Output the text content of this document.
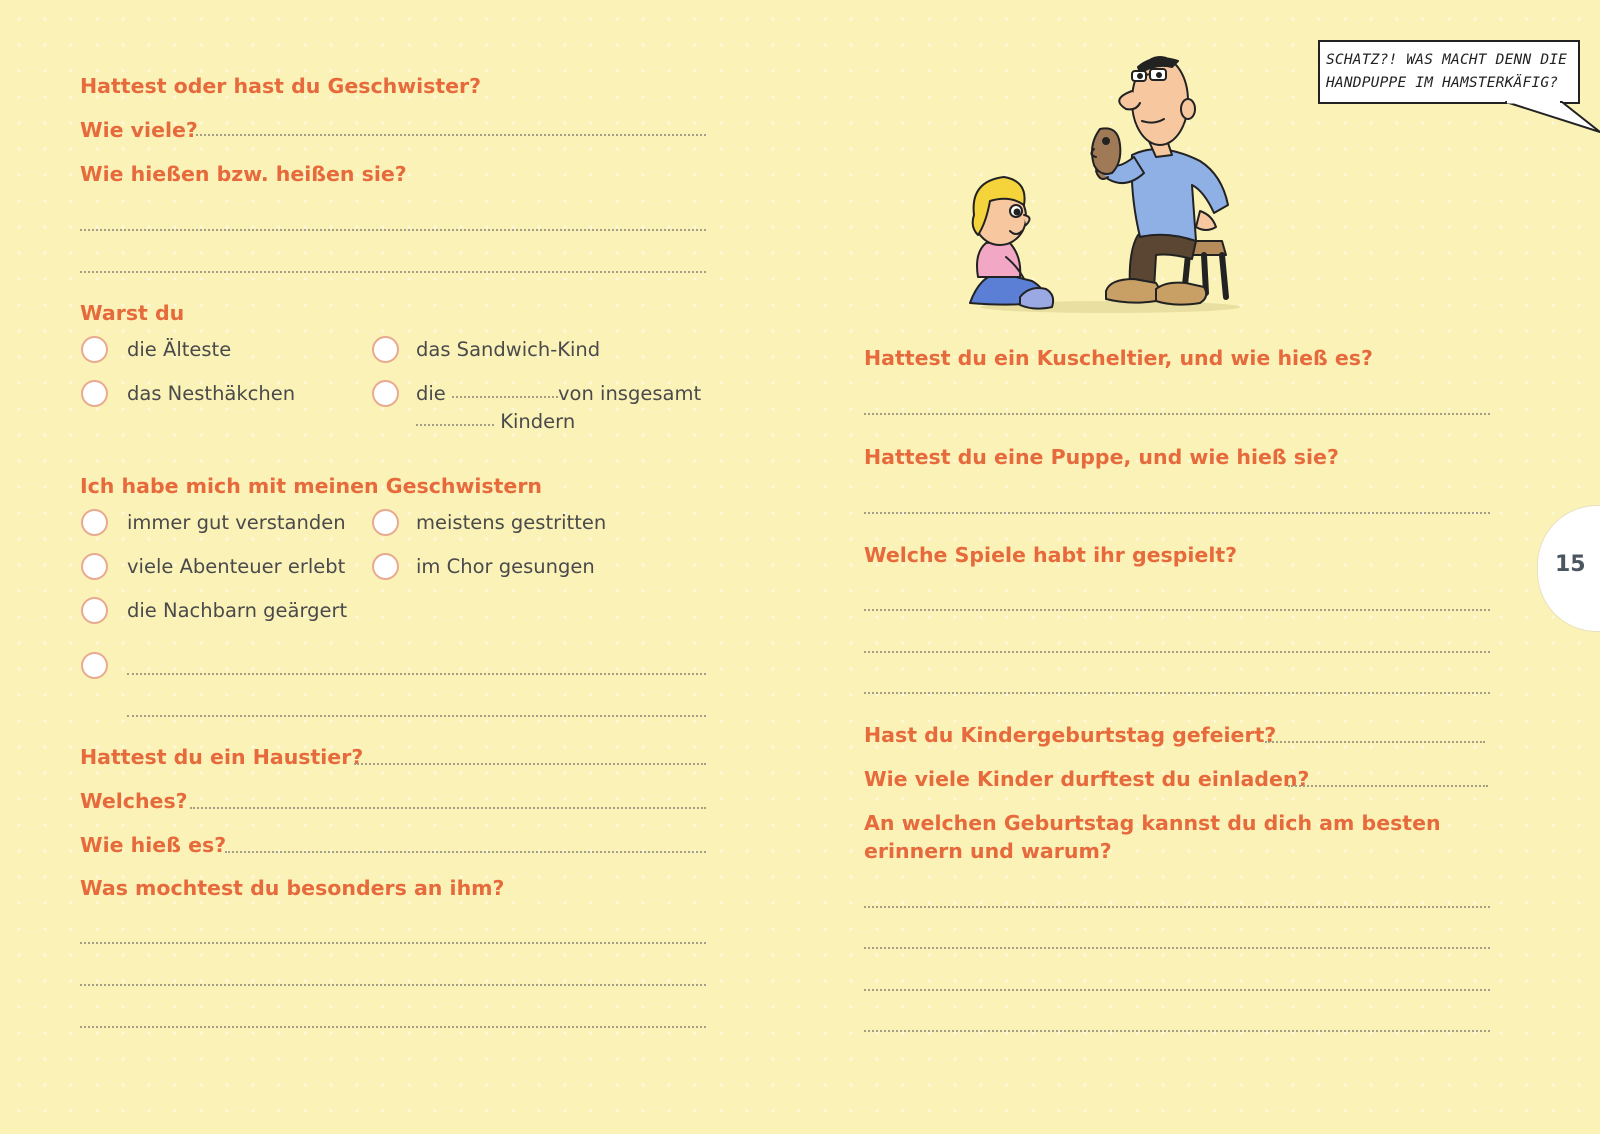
Hattest oder hast du Geschwister?
Wie viele?
Wie hießen bzw. heißen sie?
Warst du
die Älteste	das Sandwich-Kind
das Nesthäkchen	die	von insgesamt
Kindern
Ich habe mich mit meinen Geschwistern
immer gut verstanden	meistens gestritten
viele Abenteuer erlebt	im Chor gesungen
die Nachbarn geärgert
Hattest du ein Haustier?
Welches?
Wie hieß es?
Was mochtest du besonders an ihm?
SCHATZ?! WAS MACHT DENN DIE
HANDPUPPE IM HAMSTERKÄFIG?
Hattest du ein Kuscheltier, und wie hieß es?
Hattest du eine Puppe, und wie hieß sie?
Welche Spiele habt ihr gespielt?
Hast du Kindergeburtstag gefeiert?
Wie viele Kinder durftest du einladen?
An welchen Geburtstag kannst du dich am besten erinnern und warum?
15
